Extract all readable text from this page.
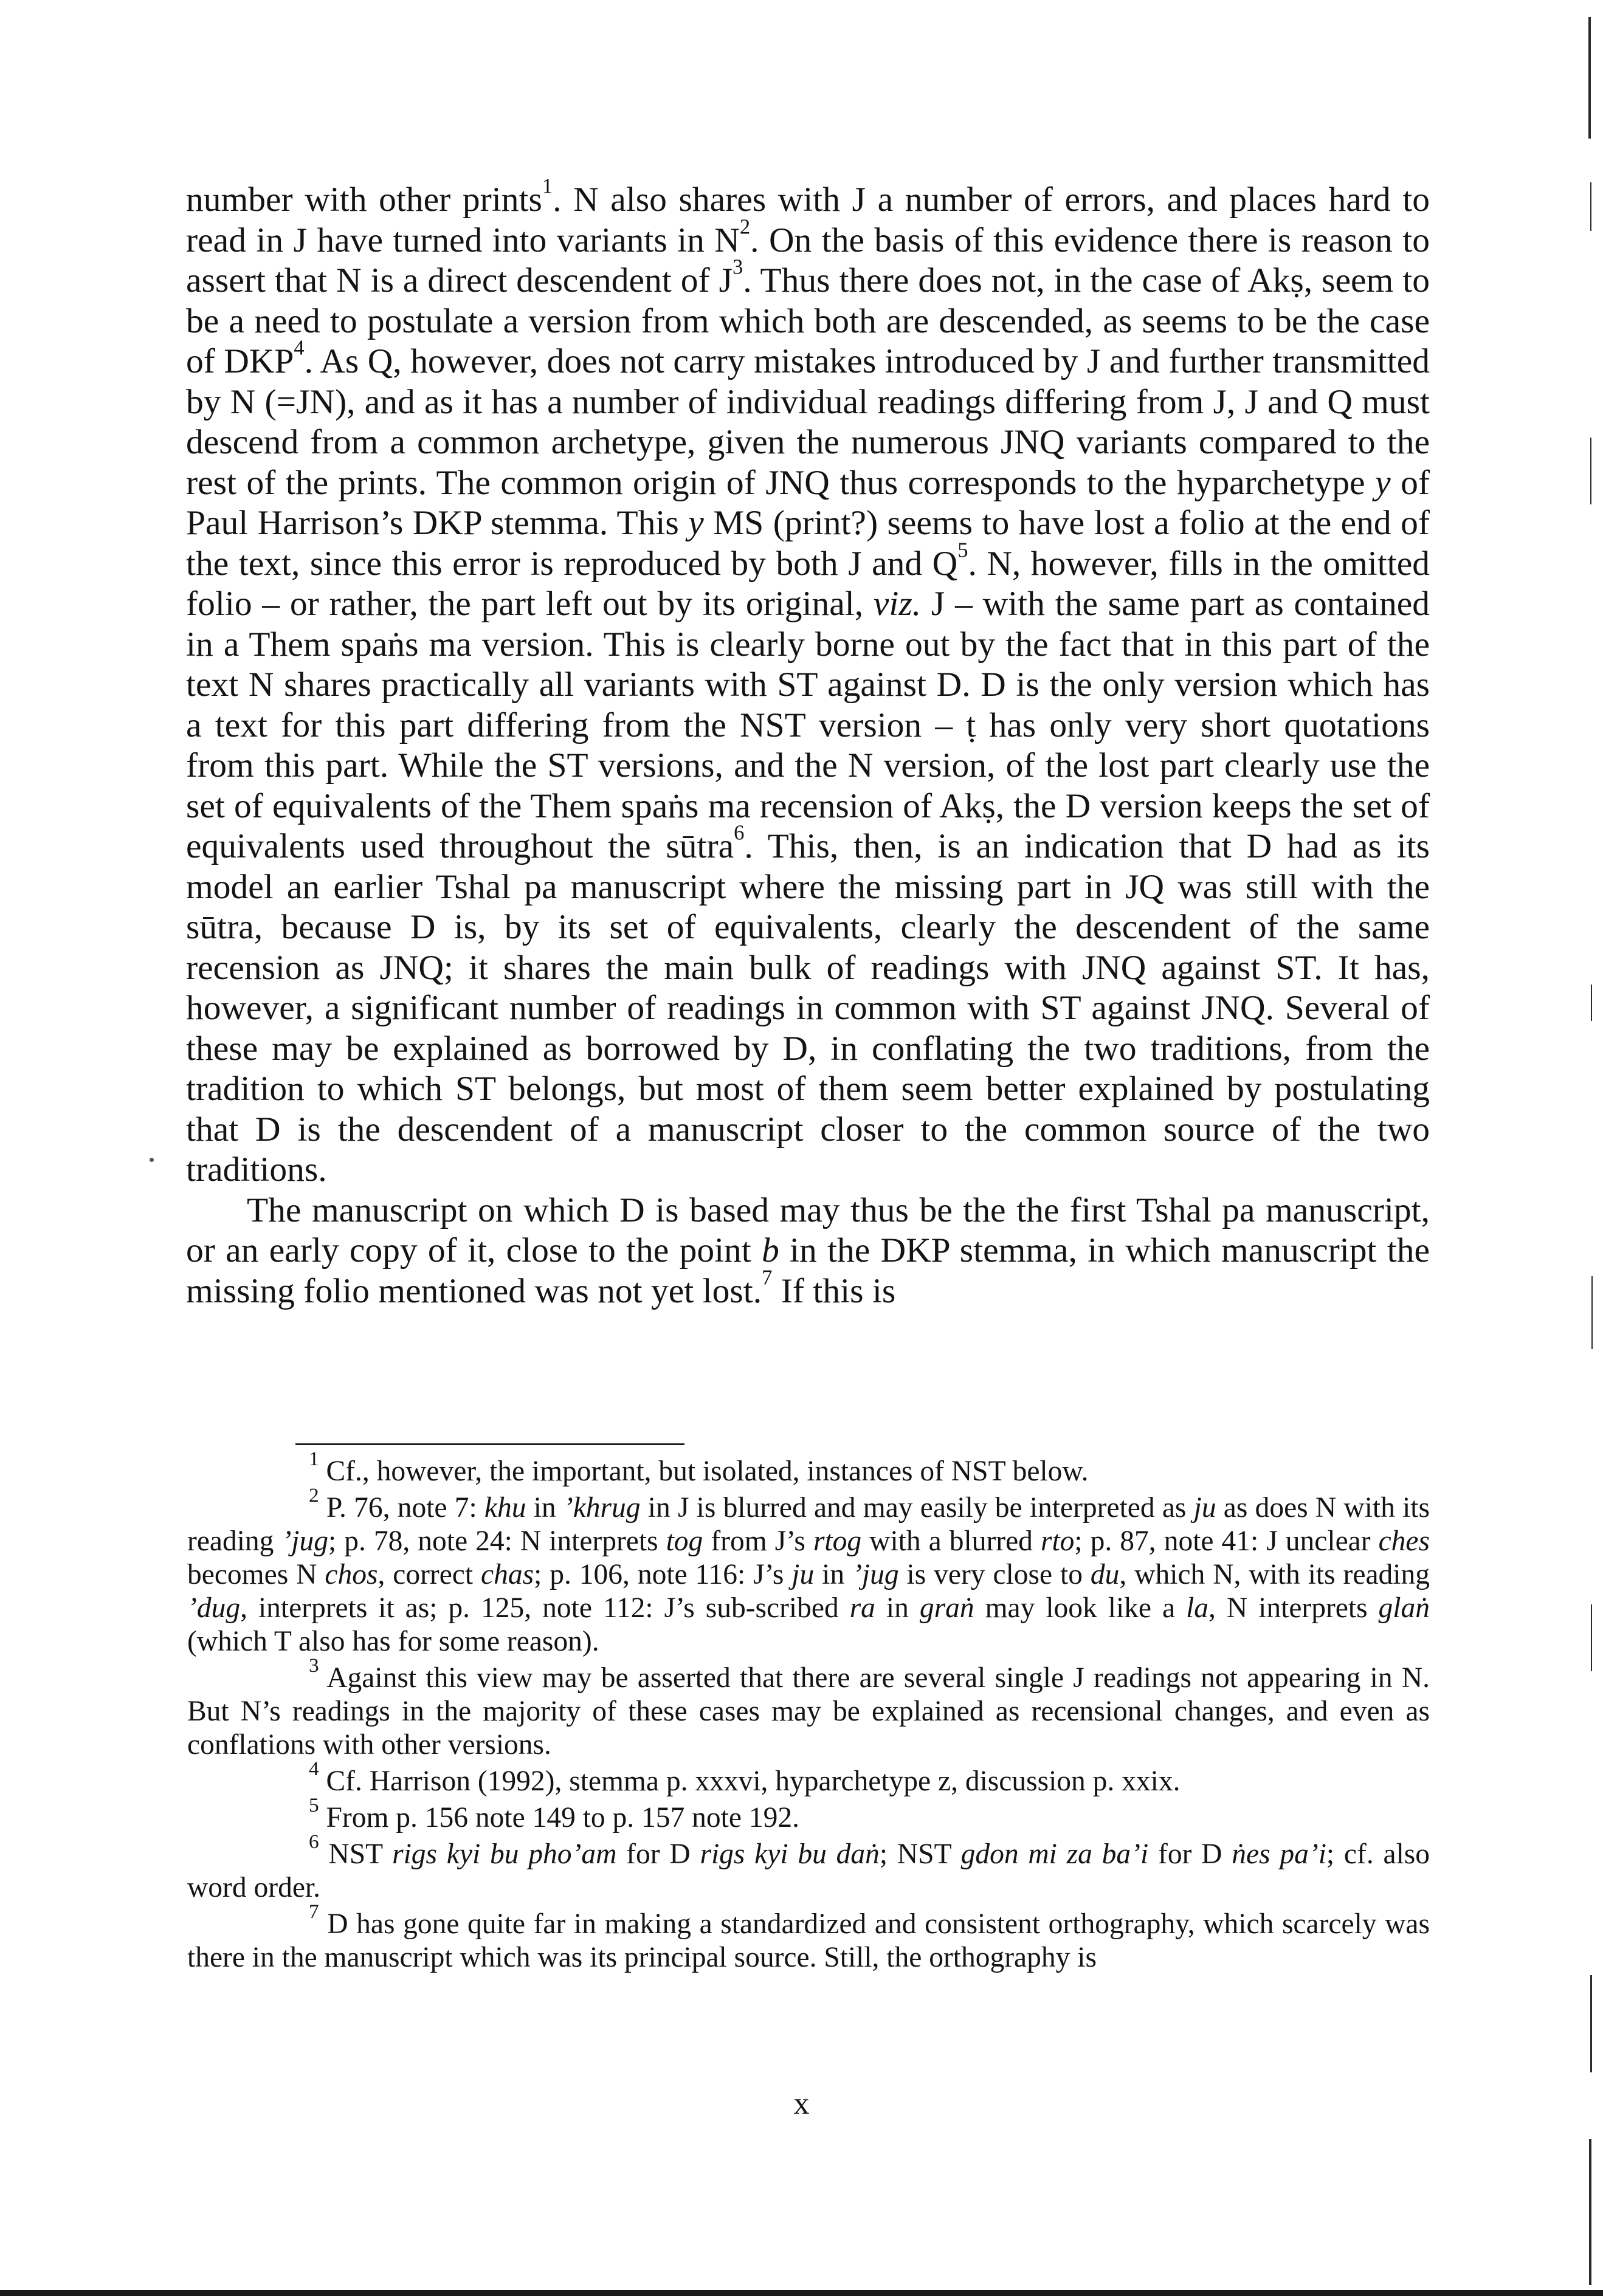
number with other prints$^1$. N also shares with J a number of errors, and places hard to read in J have turned into variants in $N^2$. On the basis of this evidence there is reason to assert that N is a direct descendent of $J^3$. Thus there does not, in the case of Akṣ, seem to be a need to postulate a version from which both are descended, as seems to be the case of DKP$^4$. As Q, however, does not carry mistakes introduced by J and further transmitted by N (=JN), and as it has a number of individual readings differing from J, J and Q must descend from a common archetype, given the numerous JNQ variants compared to the rest of the prints. The common origin of JNQ thus corresponds to the hyparchetype y of Paul Harrison’s DKP stemma. This y MS (print?) seems to have lost a folio at the end of the text, since this error is reproduced by both J and $Q^5$. N, however, fills in the omitted folio – or rather, the part left out by its original, viz. J – with the same part as contained in a Them spaṅs ma version. This is clearly borne out by the fact that in this part of the text N shares practically all variants with ST against D. D is the only version which has a text for this part differing from the NST version – ṭ has only very short quotations from this part. While the ST versions, and the N version, of the lost part clearly use the set of equivalents of the Them spaṅs ma recension of Akṣ, the D version keeps the set of equivalents used throughout the sūtra$^6$. This, then, is an indication that D had as its model an earlier Tshal pa manuscript where the missing part in JQ was still with the sūtra, because D is, by its set of equivalents, clearly the descendent of the same recension as JNQ; it shares the main bulk of readings with JNQ against ST. It has, however, a significant number of readings in common with ST against JNQ. Several of these may be explained as borrowed by D, in conflating the two traditions, from the tradition to which ST belongs, but most of them seem better explained by postulating that D is the descendent of a manuscript closer to the common source of the two traditions.

The manuscript on which D is based may thus be the the first Tshal pa manuscript, or an early copy of it, close to the point b in the DKP stemma, in which manuscript the missing folio mentioned was not yet lost.$^7$ If this is

$^1$ Cf., however, the important, but isolated, instances of NST below.

$^2$ P. 76, note 7: khu in ’khrug in J is blurred and may easily be interpreted as ju as does N with its reading ’jug; p. 78, note 24: N interprets tog from J’s rtog with a blurred rto; p. 87, note 41: J unclear ches becomes N chos, correct chas; p. 106, note 116: J’s ju in ’jug is very close to du, which N, with its reading ’dug, interprets it as; p. 125, note 112: J’s sub-scribed ra in graṅ may look like a la, N interprets glaṅ (which T also has for some reason).

$^3$ Against this view may be asserted that there are several single J readings not appearing in N. But N’s readings in the majority of these cases may be explained as recensional changes, and even as conflations with other versions.

$^4$ Cf. Harrison (1992), stemma p. xxxvi, hyparchetype z, discussion p. xxix.

$^5$ From p. 156 note 149 to p. 157 note 192.

$^6$ NST rigs kyi bu pho’am for D rigs kyi bu daṅ; NST gdon mi za ba’i for D ṅes pa’i; cf. also word order.

$^7$ D has gone quite far in making a standardized and consistent orthography, which scarcely was there in the manuscript which was its principal source. Still, the orthography is

x
